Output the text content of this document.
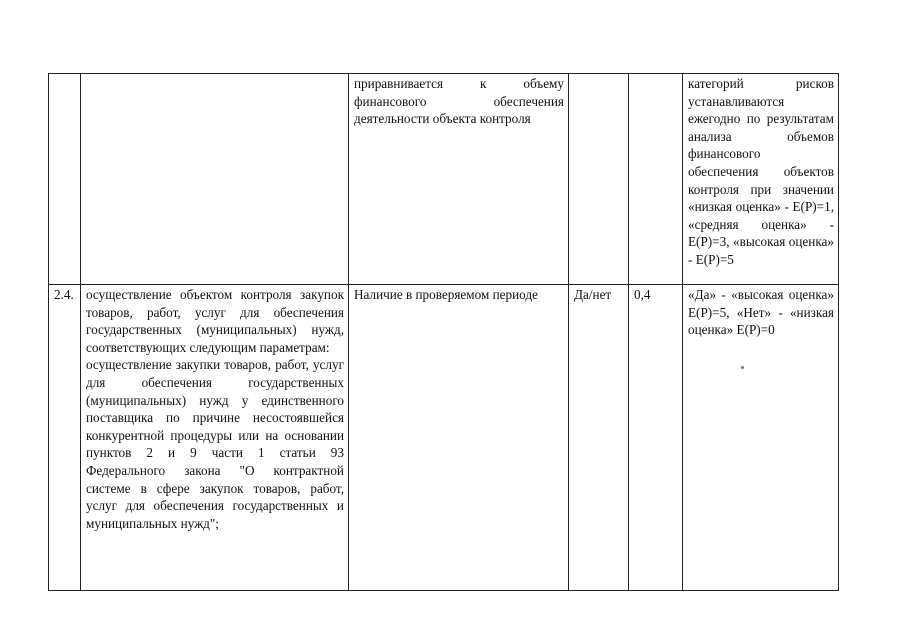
		приравнивается к объему финансового обеспечения деятельности объекта контроля			категорий рисков устанавливаются ежегодно по результатам анализа объемов финансового обеспечения объектов контроля при значении «низкая оценка» - E(P)=1, «средняя оценка» - E(P)=3, «высокая оценка» - E(P)=5
2.4.	осуществление объектом контроля закупок товаров, работ, услуг для обеспечения государственных (муниципальных) нужд, соответствующих следующим параметрам:
осуществление закупки товаров, работ, услуг для обеспечения государственных (муниципальных) нужд у единственного поставщика по причине несостоявшейся конкурентной процедуры или на основании пунктов 2 и 9 части 1 статьи 93 Федерального закона "О контрактной системе в сфере закупок товаров, работ, услуг для обеспечения государственных и муниципальных нужд";	Наличие в проверяемом периоде	Да/нет	0,4	«Да» - «высокая оценка» E(P)=5, «Нет» - «низкая оценка» E(P)=0
